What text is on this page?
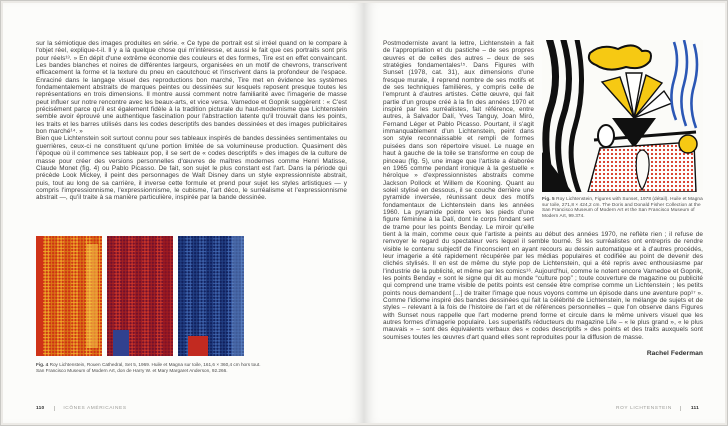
sur la sémiotique des images produites en série. « Ce type de portrait est si irréel quand on le compare à l'objet réel, explique-t-il. Il y a là quelque chose qui m'intéresse, et aussi le fait que ces portraits sont pris pour réels¹³. » En dépit d'une extrême économie des couleurs et des formes, Tire est en effet convaincant. Les bandes blanches et noires de différentes largeurs, organisées en un motif de chevrons, transcrivent efficacement la forme et la texture du pneu en caoutchouc et l'inscrivent dans la profondeur de l'espace. Enraciné dans le langage visuel des reproductions bon marché, Tire met en évidence les systèmes fondamentalement abstraits de marques peintes ou dessinées sur lesquels reposent presque toutes les représentations en trois dimensions. Il montre aussi comment notre familiarité avec l'imagerie de masse peut influer sur notre rencontre avec les beaux-arts, et vice versa. Varnedoe et Gopnik suggèrent : « C'est précisément parce qu'il est également fidèle à la tradition picturale du haut-modernisme que Lichtenstein semble avoir éprouvé une authentique fascination pour l'abstraction latente qu'il trouvait dans les points, les traits et les barres utilisés dans les codes descriptifs des bandes dessinées et des images publicitaires bon marché¹⁴. »

Bien que Lichtenstein soit surtout connu pour ses tableaux inspirés de bandes dessinées sentimentales ou guerrières, ceux-ci ne constituent qu'une portion limitée de sa volumineuse production. Quasiment dès l'époque où il commence ses tableaux pop, il se sert de « codes descriptifs » des images de la culture de masse pour créer des versions personnelles d'œuvres de maîtres modernes comme Henri Matisse, Claude Monet (fig. 4) ou Pablo Picasso. De fait, son sujet le plus constant est l'art. Dans la période qui précède Look Mickey, il peint des personnages de Walt Disney dans un style expressionniste abstrait, puis, tout au long de sa carrière, il inverse cette formule et prend pour sujet les styles artistiques — y compris l'impressionnisme, l'expressionnisme, le cubisme, l'art déco, le surréalisme et l'expressionnisme abstrait —, qu'il traite à sa manière particulière, inspirée par la bande dessinée.

Fig. 4 Roy Lichtenstein, Rouen Cathedral, Set 5, 1969. Huile et Magna sur toile, 161,6 × 360,4 cm hors tout. San Francisco Museum of Modern Art, don de Harry W. et Mary Margaret Anderson, 92.266.
110	ICÔNES AMÉRICAINES
Fig. 5 Roy Lichtenstein, Figures with Sunset, 1978 (détail). Huile et Magna sur toile, 271,8 × 424,2 cm. The Doris and Donald Fisher Collection at the San Francisco Museum of Modern Art et the San Francisco Museum of Modern Art, 99.374.

Postmoderniste avant la lettre, Lichtenstein a fait de l'appropriation et du pastiche – de ses propres œuvres et de celles des autres – deux de ses stratégies fondamentales¹⁵. Dans Figures with Sunset (1978, cat. 31), aux dimensions d'une fresque murale, il reprend nombre de ses motifs et de ses techniques familières, y compris celle de l'emprunt à d'autres artistes. Cette œuvre, qui fait partie d'un groupe créé à la fin des années 1970 et inspiré par les surréalistes, fait référence, entre autres, à Salvador Dalí, Yves Tanguy, Joan Miró, Fernand Léger et Pablo Picasso. Pourtant, il s'agit immanquablement d'un Lichtenstein, peint dans son style reconnaissable et rempli de formes puisées dans son répertoire visuel. Le nuage en haut à gauche de la toile se transforme en coup de pinceau (fig. 5), une image que l'artiste a élaborée en 1965 comme pendant ironique à la gestuelle « héroïque » d'expressionnistes abstraits comme Jackson Pollock et Willem de Kooning. Quant au soleil stylisé en dessous, il se couche derrière une pyramide inversée, réunissant deux des motifs fondamentaux de Lichtenstein dans les années 1960. La pyramide pointe vers les pieds d'une figure féminine à la Dalí, dont le corps fondant sert de trame pour les points Benday. Le miroir qu'elle tient à la main, comme ceux que l'artiste a peints au début des années 1970, ne reflète rien ; il refuse de renvoyer le regard du spectateur vers lequel il semble tourné. Si les surréalistes ont entrepris de rendre visible le contenu subjectif de l'inconscient en ayant recours au dessin automatique et à d'autres procédés, leur imagerie a été rapidement récupérée par les médias populaires et codifiée au point de devenir des clichés stylisés. Il en est de même du style pop de Lichtenstein, qui a été repris avec enthousiasme par l'industrie de la publicité, et même par les comics¹⁶. Aujourd'hui, comme le notent encore Varnedoe et Gopnik, les points Benday « sont le signe qui dit au monde “culture pop” ; toute couverture de magazine ou publicité qui comprend une trame visible de petits points est censée être comprise comme un Lichtenstein ; les petits points nous demandent [...] de traiter l'image que nous voyons comme un épisode dans une aventure pop¹⁷ ». Comme l'idiome inspiré des bandes dessinées qui fait la célébrité de Lichtenstein, le mélange de sujets et de styles – relevant à la fois de l'histoire de l'art et de références personnelles – que l'on observe dans Figures with Sunset nous rappelle que l'art moderne prend forme et circule dans le même univers visuel que les autres formes d'imagerie populaire. Les superlatifs réducteurs du magazine Life – « le plus grand », « le plus mauvais » – sont des équivalents verbaux des « codes descriptifs » des points et des traits auxquels sont soumises toutes les œuvres d'art quand elles sont reproduites pour la diffusion de masse.

Rachel Federman
ROY LICHTENSTEIN	111
